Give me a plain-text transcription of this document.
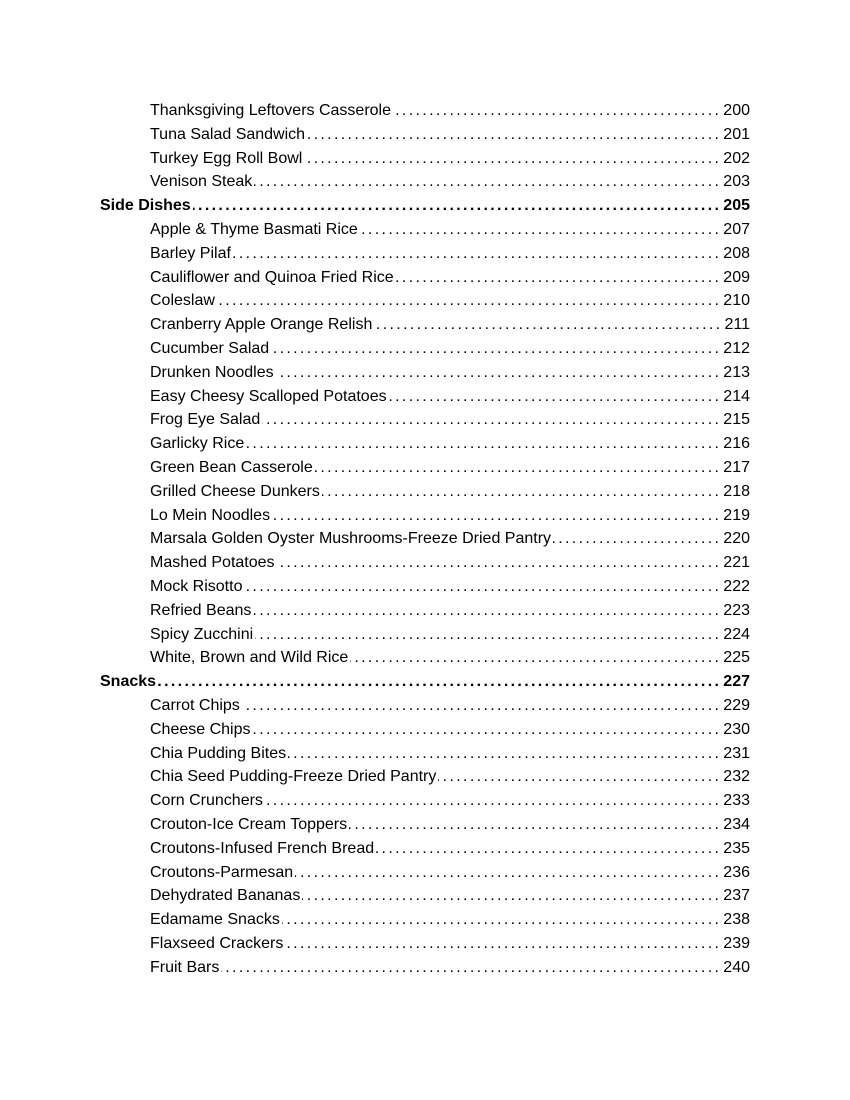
Thanksgiving Leftovers Casserole .....	200
Tuna Salad Sandwich .....	201
Turkey Egg Roll Bowl .....	202
Venison Steak .....	203
Side Dishes .....	205
Apple & Thyme Basmati Rice .....	207
Barley Pilaf .....	208
Cauliflower and Quinoa Fried Rice .....	209
Coleslaw .....	210
Cranberry Apple Orange Relish .....	211
Cucumber Salad .....	212
Drunken Noodles .....	213
Easy Cheesy Scalloped Potatoes .....	214
Frog Eye Salad .....	215
Garlicky Rice .....	216
Green Bean Casserole .....	217
Grilled Cheese Dunkers .....	218
Lo Mein Noodles .....	219
Marsala Golden Oyster Mushrooms-Freeze Dried Pantry .....	220
Mashed Potatoes .....	221
Mock Risotto .....	222
Refried Beans .....	223
Spicy Zucchini .....	224
White, Brown and Wild Rice .....	225
Snacks .....	227
Carrot Chips .....	229
Cheese Chips .....	230
Chia Pudding Bites .....	231
Chia Seed Pudding-Freeze Dried Pantry .....	232
Corn Crunchers .....	233
Crouton-Ice Cream Toppers .....	234
Croutons-Infused French Bread .....	235
Croutons-Parmesan .....	236
Dehydrated Bananas .....	237
Edamame Snacks .....	238
Flaxseed Crackers .....	239
Fruit Bars .....	240
